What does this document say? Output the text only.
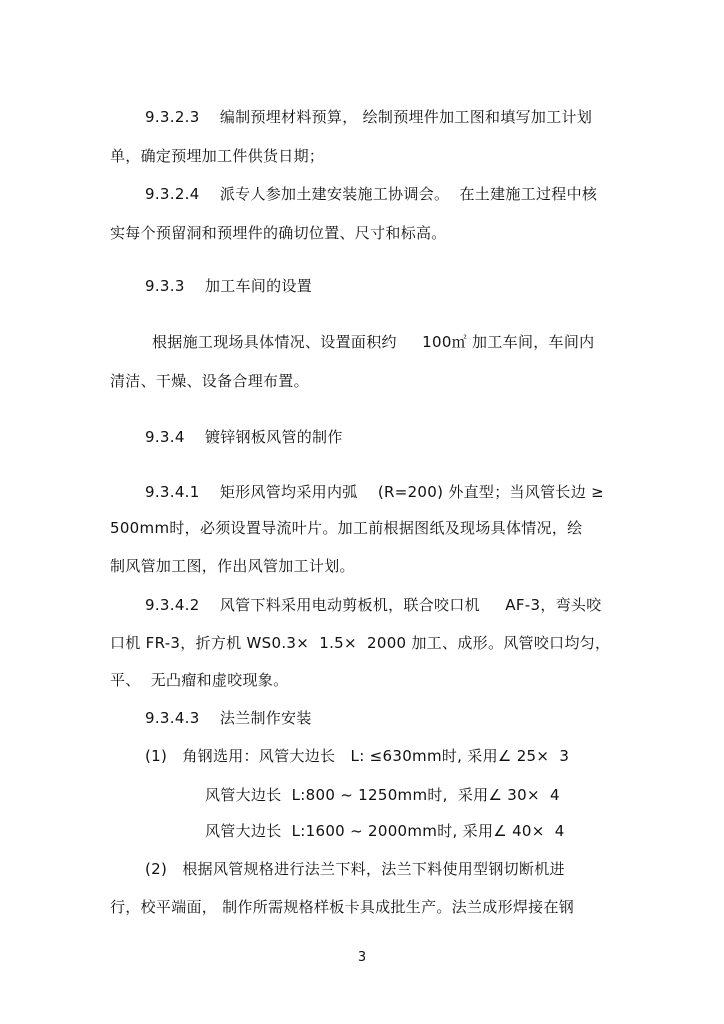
9.3.2.3    编制预埋材料预算， 绘制预埋件加工图和填写加工计划
单，确定预埋加工件供货日期；
9.3.2.4    派专人参加土建安装施工协调会。  在土建施工过程中核
实每个预留洞和预埋件的确切位置、尺寸和标高。
9.3.3    加工车间的设置
根据施工现场具体情况、设置面积约     100㎡ 加工车间，车间内
清洁、干燥、设备合理布置。
9.3.4    镀锌钢板风管的制作
9.3.4.1    矩形风管均采用内弧    (R=200) 外直型；当风管长边 ≥
500mm时，必须设置导流叶片。加工前根据图纸及现场具体情况，绘
制风管加工图，作出风管加工计划。
9.3.4.2    风管下料采用电动剪板机，联合咬口机     AF-3，弯头咬
口机 FR-3，折方机 WS0.3×  1.5×  2000 加工、成形。风管咬口均匀，
平、  无凸瘤和虚咬现象。
9.3.4.3    法兰制作安装
(1)   角钢选用：风管大边长   L: ≤630mm时, 采用∠ 25×  3
风管大边长  L:800 ~ 1250mm时,  采用∠ 30×  4
风管大边长  L:1600 ~ 2000mm时, 采用∠ 40×  4
(2)   根据风管规格进行法兰下料，法兰下料使用型钢切断机进
行，校平端面， 制作所需规格样板卡具成批生产。法兰成形焊接在钢
3
